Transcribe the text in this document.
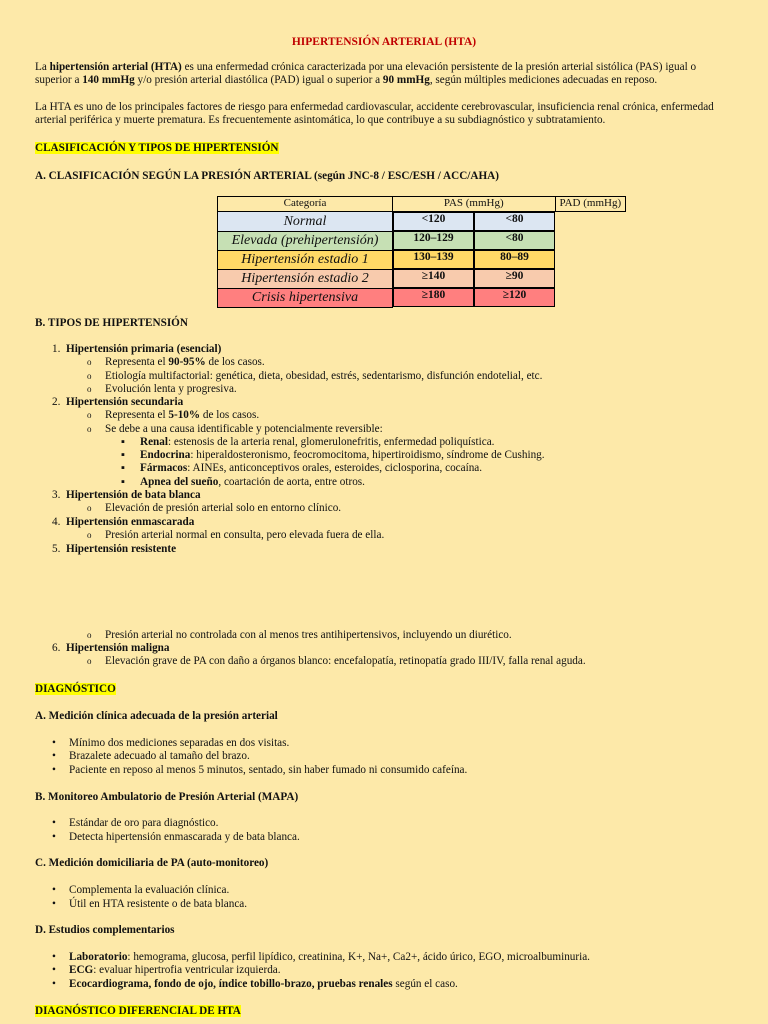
HIPERTENSIÓN ARTERIAL (HTA)
La hipertensión arterial (HTA) es una enfermedad crónica caracterizada por una elevación persistente de la presión arterial sistólica (PAS) igual o superior a 140 mmHg y/o presión arterial diastólica (PAD) igual o superior a 90 mmHg, según múltiples mediciones adecuadas en reposo.
La HTA es uno de los principales factores de riesgo para enfermedad cardiovascular, accidente cerebrovascular, insuficiencia renal crónica, enfermedad arterial periférica y muerte prematura. Es frecuentemente asintomática, lo que contribuye a su subdiagnóstico y subtratamiento.
CLASIFICACIÓN Y TIPOS DE HIPERTENSIÓN
A. CLASIFICACIÓN SEGÚN LA PRESIÓN ARTERIAL (según JNC-8 / ESC/ESH / ACC/AHA)
Categoría	PAS (mmHg)	PAD (mmHg)
Normal		<120	<80
Elevada (prehipertensión)		120–129	<80
Hipertensión estadio 1		130–139	80–89
Hipertensión estadio 2		≥140	≥90
Crisis hipertensiva		≥180	≥120
B. TIPOS DE HIPERTENSIÓN
1. Hipertensión primaria (esencial)
2. Hipertensión secundaria
3. Hipertensión de bata blanca
4. Hipertensión enmascarada
5. Hipertensión resistente
6. Hipertensión maligna
o Representa el 90-95% de los casos.
o Etiología multifactorial: genética, dieta, obesidad, estrés, sedentarismo, disfunción endotelial, etc.
o Evolución lenta y progresiva.
o Representa el 5-10% de los casos.
o Se debe a una causa identificable y potencialmente reversible:
▪ Renal: estenosis de la arteria renal, glomerulonefritis, enfermedad poliquística.
▪ Endocrina: hiperaldosteronismo, feocromocitoma, hipertiroidismo, síndrome de Cushing.
▪ Fármacos: AINEs, anticonceptivos orales, esteroides, ciclosporina, cocaína.
▪ Apnea del sueño, coartación de aorta, entre otros.
o Elevación de presión arterial solo en entorno clínico.
o Presión arterial normal en consulta, pero elevada fuera de ella.
o Presión arterial no controlada con al menos tres antihipertensivos, incluyendo un diurético.
o Elevación grave de PA con daño a órganos blanco: encefalopatía, retinopatía grado III/IV, falla renal aguda.
DIAGNÓSTICO
A. Medición clínica adecuada de la presión arterial
• Mínimo dos mediciones separadas en dos visitas.
• Brazalete adecuado al tamaño del brazo.
• Paciente en reposo al menos 5 minutos, sentado, sin haber fumado ni consumido cafeína.
B. Monitoreo Ambulatorio de Presión Arterial (MAPA)
• Estándar de oro para diagnóstico.
• Detecta hipertensión enmascarada y de bata blanca.
C. Medición domiciliaria de PA (auto-monitoreo)
• Complementa la evaluación clínica.
• Útil en HTA resistente o de bata blanca.
D. Estudios complementarios
• Laboratorio: hemograma, glucosa, perfil lipídico, creatinina, K+, Na+, Ca2+, ácido úrico, EGO, microalbuminuria.
• ECG: evaluar hipertrofia ventricular izquierda.
• Ecocardiograma, fondo de ojo, índice tobillo-brazo, pruebas renales según el caso.
DIAGNÓSTICO DIFERENCIAL DE HTA
